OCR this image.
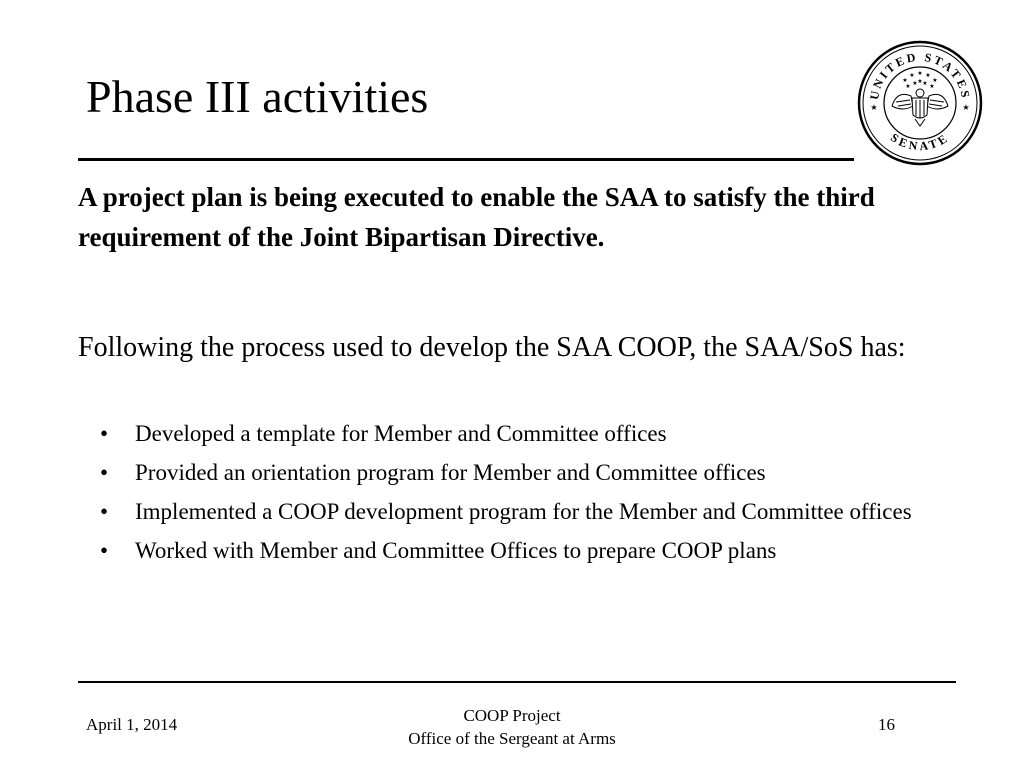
Phase III activities	UNITED STATES
SENATE
★	★
★
★ ★ ★
★
★ ★ ★ ★ ★

A project plan is being executed to enable the SAA to satisfy the third requirement of the Joint Bipartisan Directive.

Following the process used to develop the SAA COOP, the SAA/SoS has:

• Developed a template for Member and Committee offices
• Provided an orientation program for Member and Committee offices
• Implemented a COOP development program for the Member and Committee offices
• Worked with Member and Committee Offices to prepare COOP plans
April 1, 2014	COOP Project
Office of the Sergeant at Arms
16
